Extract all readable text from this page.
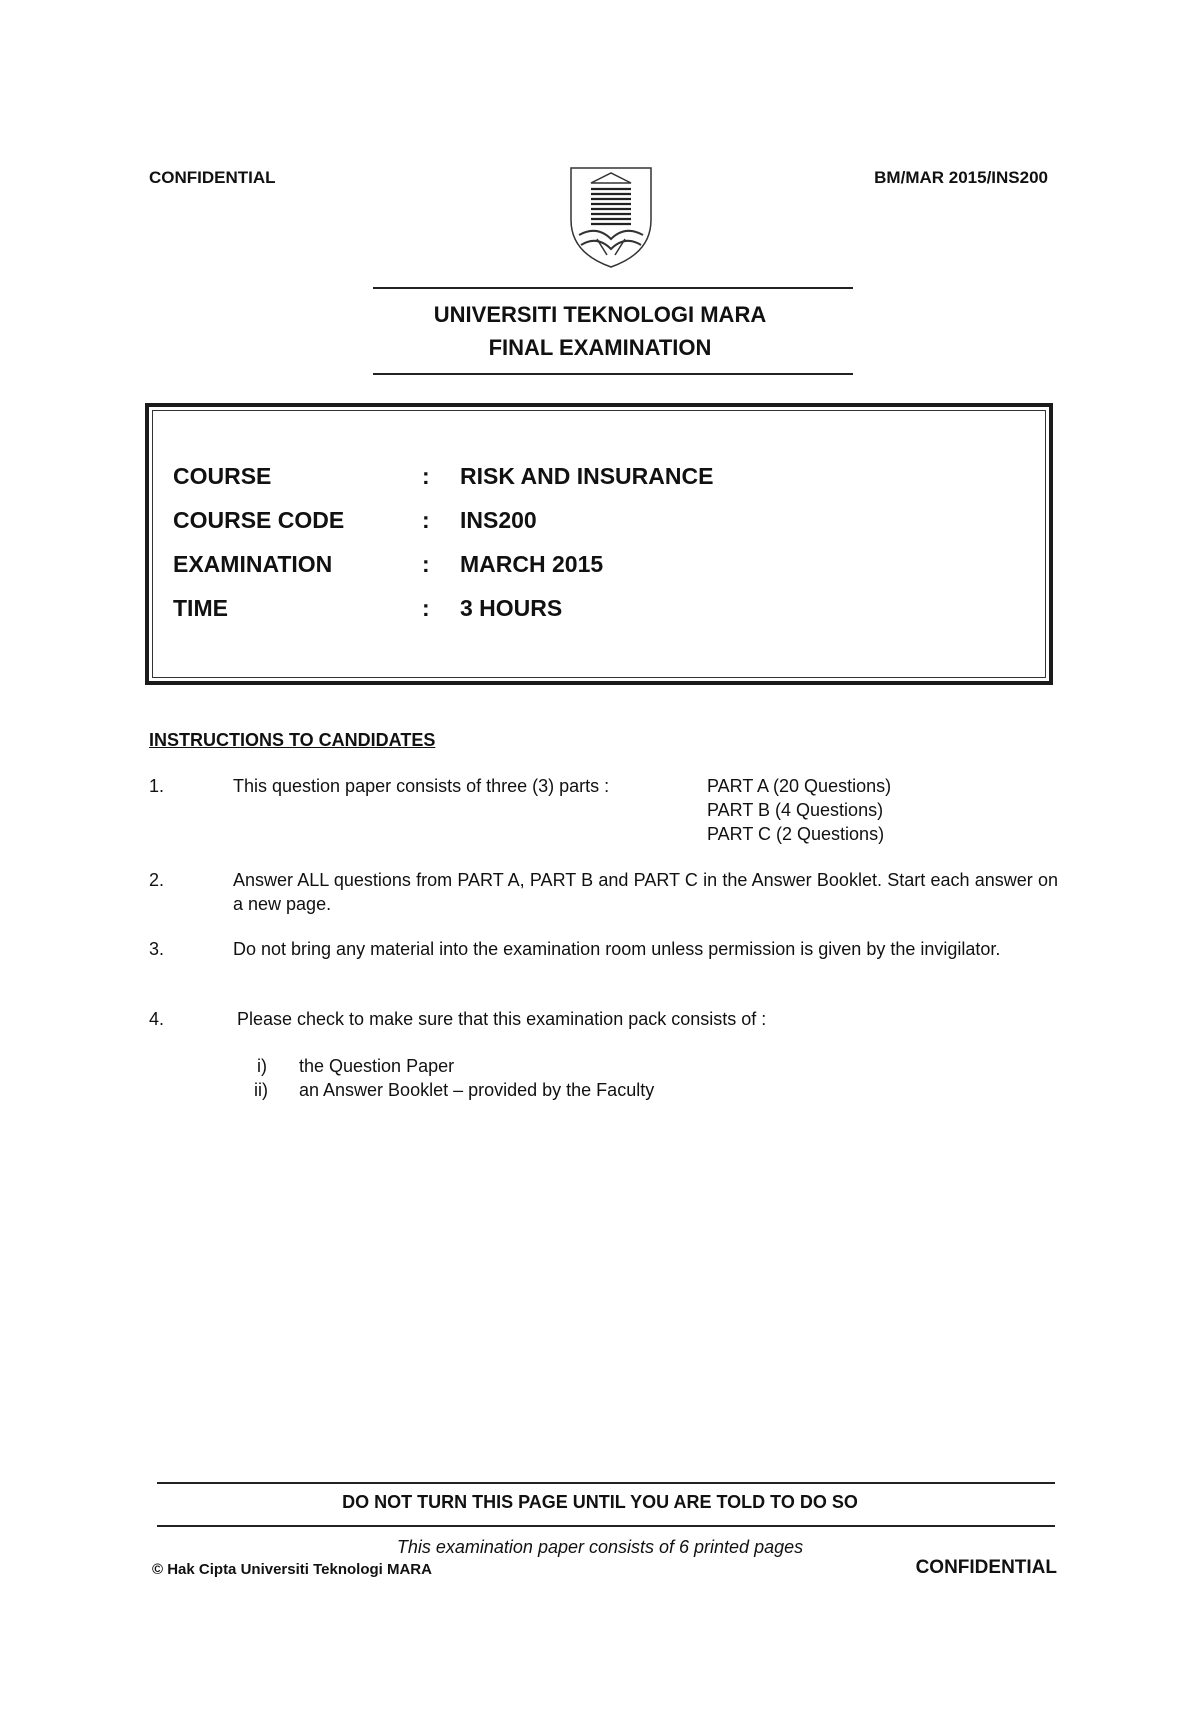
CONFIDENTIAL	BM/MAR 2015/INS200
UNIVERSITI TEKNOLOGI MARA
FINAL EXAMINATION
COURSE	: RISK AND INSURANCE
COURSE CODE	: INS200
EXAMINATION	: MARCH 2015
TIME	: 3 HOURS
INSTRUCTIONS TO CANDIDATES
1.	This question paper consists of three (3) parts :	PART A (20 Questions)
PART B (4 Questions)
PART C (2 Questions)
2.	Answer ALL questions from PART A, PART B and PART C in the Answer Booklet. Start each answer on a new page.
3.	Do not bring any material into the examination room unless permission is given by the invigilator.
4.	Please check to make sure that this examination pack consists of :
i) the Question Paper
ii) an Answer Booklet – provided by the Faculty
DO NOT TURN THIS PAGE UNTIL YOU ARE TOLD TO DO SO
This examination paper consists of 6 printed pages
© Hak Cipta Universiti Teknologi MARA	CONFIDENTIAL
